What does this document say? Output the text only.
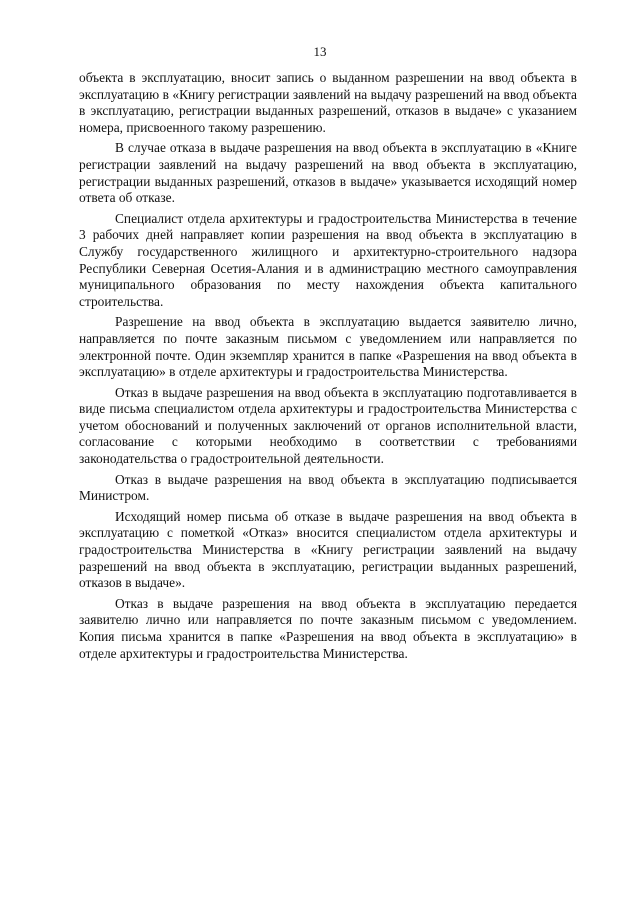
13

объекта в эксплуатацию, вносит запись о выданном разрешении на ввод объекта в эксплуатацию в «Книгу регистрации заявлений на выдачу разрешений на ввод объекта в эксплуатацию, регистрации выданных разрешений, отказов в выдаче» с указанием номера, присвоенного такому разрешению.

В случае отказа в выдаче разрешения на ввод объекта в эксплуатацию в «Книге регистрации заявлений на выдачу разрешений на ввод объекта в эксплуатацию, регистрации выданных разрешений, отказов в выдаче» указывается исходящий номер ответа об отказе.

Специалист отдела архитектуры и градостроительства Министерства в течение 3 рабочих дней направляет копии разрешения на ввод объекта в эксплуатацию в Службу государственного жилищного и архитектурно-строительного надзора Республики Северная Осетия-Алания и в администрацию местного самоуправления муниципального образования по месту нахождения объекта капитального строительства.

Разрешение на ввод объекта в эксплуатацию выдается заявителю лично, направляется по почте заказным письмом с уведомлением или направляется по электронной почте. Один экземпляр хранится в папке «Разрешения на ввод объекта в эксплуатацию» в отделе архитектуры и градостроительства Министерства.

Отказ в выдаче разрешения на ввод объекта в эксплуатацию подготавливается в виде письма специалистом отдела архитектуры и градостроительства Министерства с учетом обоснований и полученных заключений от органов исполнительной власти, согласование с которыми необходимо в соответствии с требованиями законодательства о градостроительной деятельности.

Отказ в выдаче разрешения на ввод объекта в эксплуатацию подписывается Министром.

Исходящий номер письма об отказе в выдаче разрешения на ввод объекта в эксплуатацию с пометкой «Отказ» вносится специалистом отдела архитектуры и градостроительства Министерства в «Книгу регистрации заявлений на выдачу разрешений на ввод объекта в эксплуатацию, регистрации выданных разрешений, отказов в выдаче».

Отказ в выдаче разрешения на ввод объекта в эксплуатацию передается заявителю лично или направляется по почте заказным письмом с уведомлением. Копия письма хранится в папке «Разрешения на ввод объекта в эксплуатацию» в отделе архитектуры и градостроительства Министерства.
